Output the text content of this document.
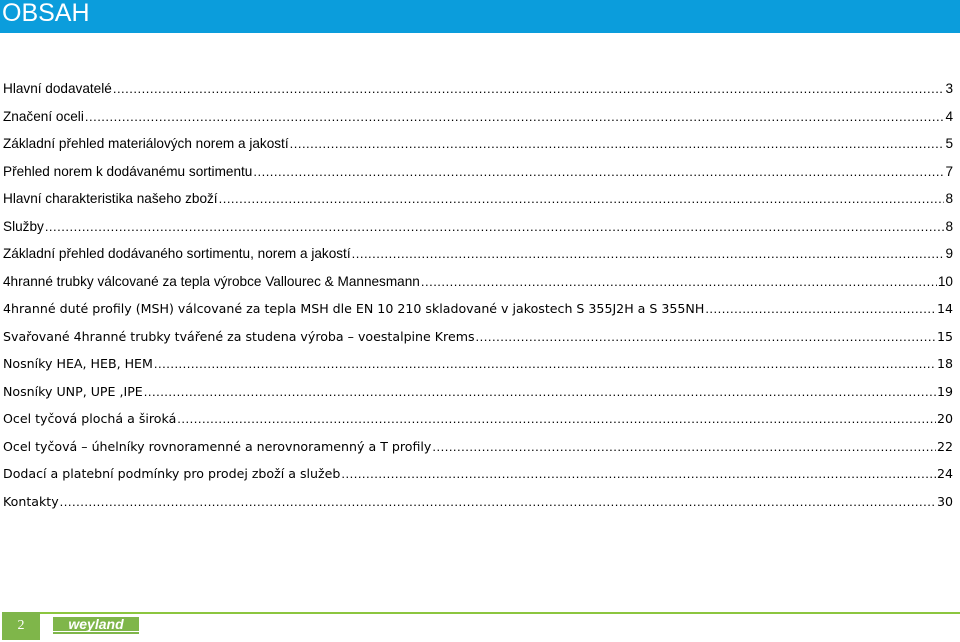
OBSAH
Hlavní dodavatelé .....	3
Značení oceli .....	4
Základní přehled materiálových norem a jakostí .....	5
Přehled norem k dodávanému sortimentu .....	7
Hlavní charakteristika našeho zboží .....	8
Služby .....	8
Základní přehled dodávaného sortimentu, norem a jakostí .....	9
4hranné trubky válcované za tepla výrobce Vallourec & Mannesmann .....	10
4hranné duté profily (MSH) válcované za tepla MSH dle EN 10 210 skladované v jakostech S 355J2H a S 355NH .....	14
Svařované 4hranné trubky tvářené za studena výroba – voestalpine Krems .....	15
Nosníky HEA, HEB, HEM .....	18
Nosníky UNP, UPE ,IPE .....	19
Ocel tyčová plochá a široká .....	20
Ocel tyčová – úhelníky rovnoramenné a nerovnoramenný a T profily .....	22
Dodací a platební podmínky pro prodej zboží a služeb .....	24
Kontakty .....	30
2	weyland
